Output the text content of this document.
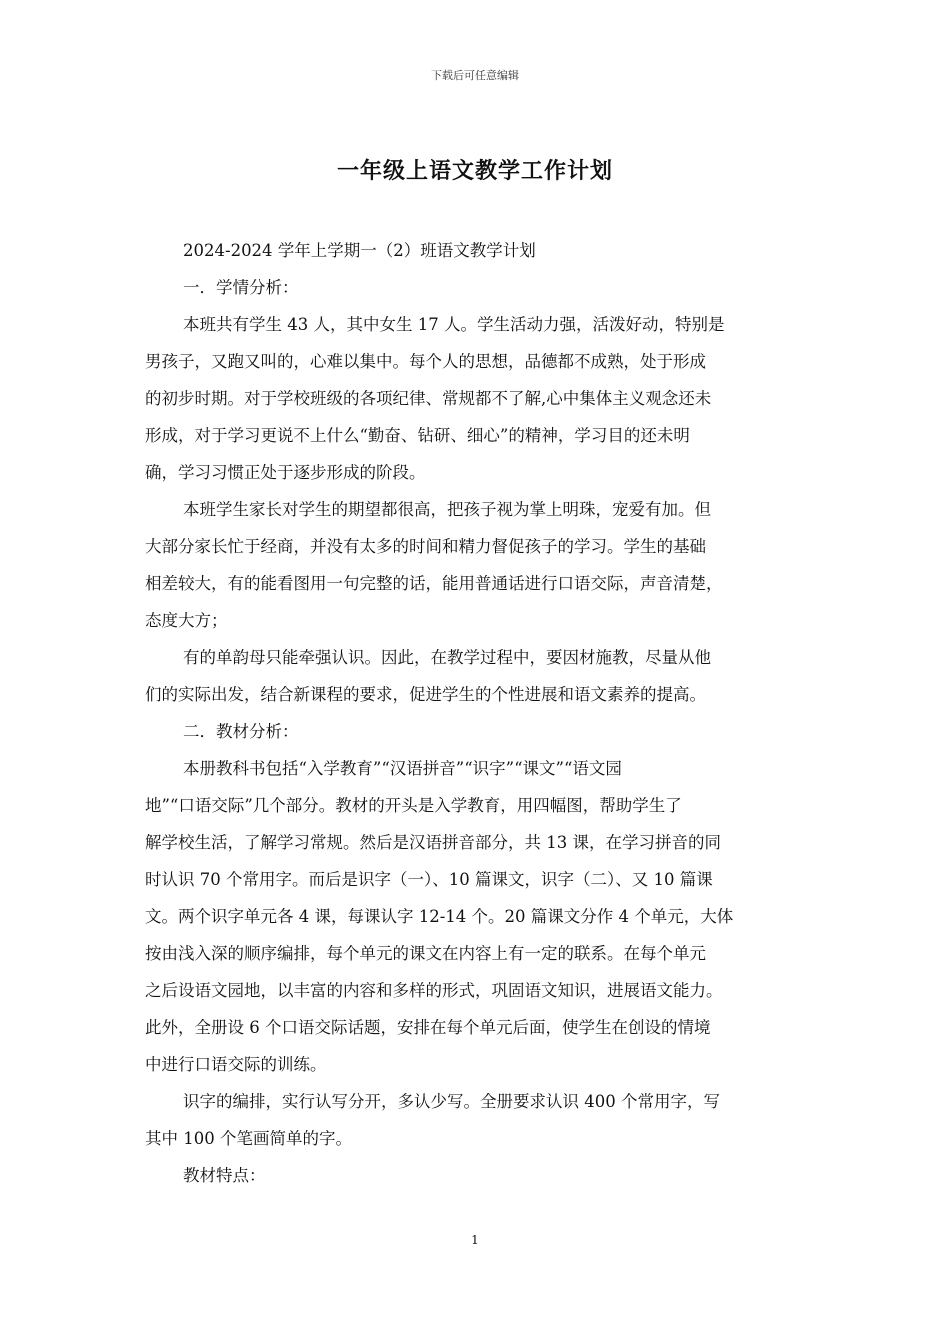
下载后可任意编辑
一年级上语文教学工作计划
2024-2024 学年上学期一（2）班语文教学计划
一．学情分析：
本班共有学生 43 人，其中女生 17 人。学生活动力强，活泼好动，特别是
男孩子，又跑又叫的，心难以集中。每个人的思想，品德都不成熟，处于形成
的初步时期。对于学校班级的各项纪律、常规都不了解,心中集体主义观念还未
形成，对于学习更说不上什么“勤奋、钻研、细心”的精神，学习目的还未明
确，学习习惯正处于逐步形成的阶段。
本班学生家长对学生的期望都很高，把孩子视为掌上明珠，宠爱有加。但
大部分家长忙于经商，并没有太多的时间和精力督促孩子的学习。学生的基础
相差较大，有的能看图用一句完整的话，能用普通话进行口语交际，声音清楚，
态度大方；
有的单韵母只能牵强认识。因此，在教学过程中，要因材施教，尽量从他
们的实际出发，结合新课程的要求，促进学生的个性进展和语文素养的提高。
二．教材分析：
本册教科书包括“入学教育”“汉语拼音”“识字”“课文”“语文园
地”“口语交际”几个部分。教材的开头是入学教育，用四幅图，帮助学生了
解学校生活，了解学习常规。然后是汉语拼音部分，共 13 课，在学习拼音的同
时认识 70 个常用字。而后是识字（一）、10 篇课文，识字（二）、又 10 篇课
文。两个识字单元各 4 课，每课认字 12-14 个。20 篇课文分作 4 个单元，大体
按由浅入深的顺序编排，每个单元的课文在内容上有一定的联系。在每个单元
之后设语文园地，以丰富的内容和多样的形式，巩固语文知识，进展语文能力。
此外，全册设 6 个口语交际话题，安排在每个单元后面，使学生在创设的情境
中进行口语交际的训练。
识字的编排，实行认写分开，多认少写。全册要求认识 400 个常用字，写
其中 100 个笔画简单的字。
教材特点：
1
